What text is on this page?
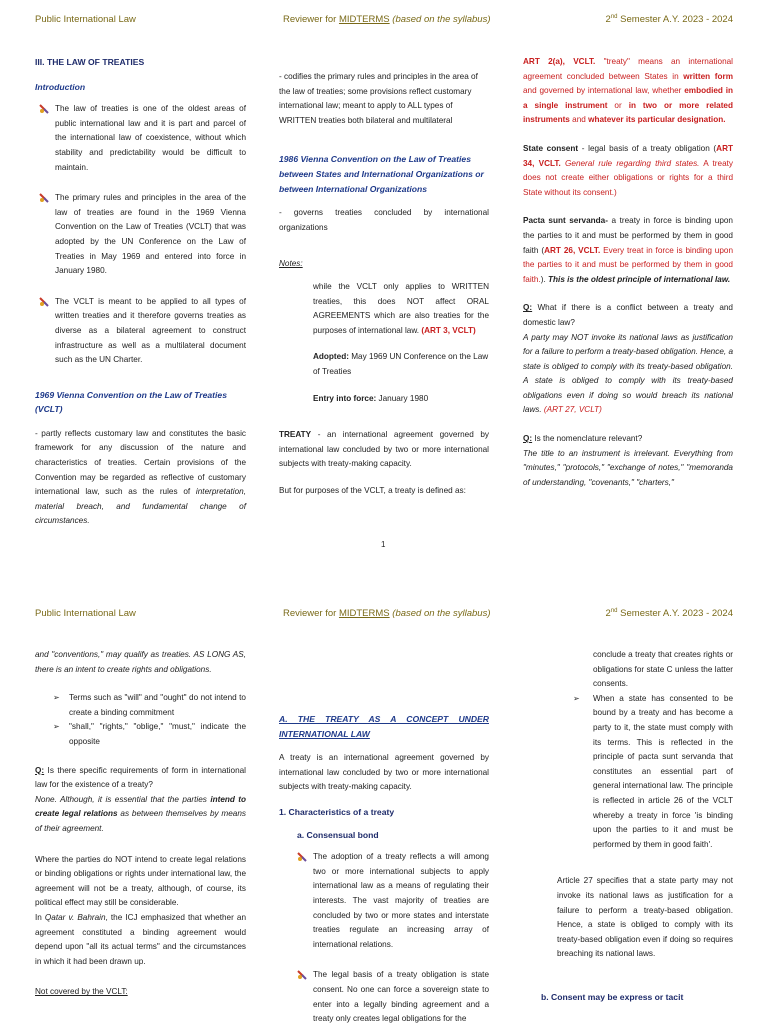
Public International Law	Reviewer for MIDTERMS (based on the syllabus)	2nd Semester A.Y. 2023 - 2024

III. THE LAW OF TREATIES

Introduction

The law of treaties is one of the oldest areas of public international law and it is part and parcel of the international law of coexistence, without which stability and predictability would be difficult to maintain.
The primary rules and principles in the area of the law of treaties are found in the 1969 Vienna Convention on the Law of Treaties (VCLT) that was adopted by the UN Conference on the Law of Treaties in May 1969 and entered into force in January 1980.
The VCLT is meant to be applied to all types of written treaties and it therefore governs treaties as diverse as a bilateral agreement to construct infrastructure as well as a multilateral document such as the UN Charter.

1969 Vienna Convention on the Law of Treaties (VCLT)

- partly reflects customary law and constitutes the basic framework for any discussion of the nature and characteristics of treaties. Certain provisions of the Convention may be regarded as reflective of customary international law, such as the rules of interpretation, material breach, and fundamental change of circumstances.

- codifies the primary rules and principles in the area of the law of treaties; some provisions reflect customary international law; meant to apply to ALL types of WRITTEN treaties both bilateral and multilateral

1986 Vienna Convention on the Law of Treaties between States and International Organizations or between International Organizations

- governs treaties concluded by international organizations

Notes:

while the VCLT only applies to WRITTEN treaties, this does NOT affect ORAL AGREEMENTS which are also treaties for the purposes of international law. (ART 3, VCLT)

Adopted: May 1969 UN Conference on the Law of Treaties

Entry into force: January 1980

TREATY - an international agreement governed by international law concluded by two or more international subjects with treaty-making capacity.

But for purposes of the VCLT, a treaty is defined as:

ART 2(a), VCLT. "treaty" means an international agreement concluded between States in written form and governed by international law, whether embodied in a single instrument or in two or more related instruments and whatever its particular designation.

State consent - legal basis of a treaty obligation (ART 34, VCLT. General rule regarding third states. A treaty does not create either obligations or rights for a third State without its consent.)

Pacta sunt servanda- a treaty in force is binding upon the parties to it and must be performed by them in good faith (ART 26, VCLT. Every treat in force is binding upon the parties to it and must be performed by them in good faith.). This is the oldest principle of international law.

Q: What if there is a conflict between a treaty and domestic law?

A party may NOT invoke its national laws as justification for a failure to perform a treaty-based obligation. Hence, a state is obliged to comply with its treaty-based obligation. A state is obliged to comply with its treaty-based obligations even if doing so would breach its national laws. (ART 27, VCLT)

Q: Is the nomenclature relevant?

The title to an instrument is irrelevant. Everything from "minutes," "protocols," "exchange of notes," "memoranda of understanding, "covenants," "charters,"

1
Public International Law	Reviewer for MIDTERMS (based on the syllabus)	2nd Semester A.Y. 2023 - 2024

and "conventions," may qualify as treaties. AS LONG AS, there is an intent to create rights and obligations.

➢ Terms such as "will" and "ought" do not intend to create a binding commitment
➢ "shall," "rights," "oblige," "must," indicate the opposite

Q: Is there specific requirements of form in international law for the existence of a treaty?

None. Although, it is essential that the parties intend to create legal relations as between themselves by means of their agreement.

Where the parties do NOT intend to create legal relations or binding obligations or rights under international law, the agreement will not be a treaty, although, of course, its political effect may still be considerable.

In Qatar v. Bahrain, the ICJ emphasized that whether an agreement constituted a binding agreement would depend upon "all its actual terms" and the circumstances in which it had been drawn up.

Not covered by the VCLT:

A. THE TREATY AS A CONCEPT UNDER INTERNATIONAL LAW

A treaty is an international agreement governed by international law concluded by two or more international subjects with treaty-making capacity.

1. Characteristics of a treaty

a. Consensual bond

The adoption of a treaty reflects a will among two or more international subjects to apply international law as a means of regulating their interests. The vast majority of treaties are concluded by two or more states and interstate treaties regulate an increasing array of international relations.
The legal basis of a treaty obligation is state consent. No one can force a sovereign state to enter into a legally binding agreement and a treaty only creates legal obligations for the

conclude a treaty that creates rights or obligations for state C unless the latter consents.

➢ When a state has consented to be bound by a treaty and has become a party to it, the state must comply with its terms. This is reflected in the principle of pacta sunt servanda that constitutes an essential part of general international law. The principle is reflected in article 26 of the VCLT whereby a treaty in force 'is binding upon the parties to it and must be performed by them in good faith'.

Article 27 specifies that a state party may not invoke its national laws as justification for a failure to perform a treaty-based obligation. Hence, a state is obliged to comply with its treaty-based obligation even if doing so requires breaching its national laws.

b. Consent may be express or tacit
